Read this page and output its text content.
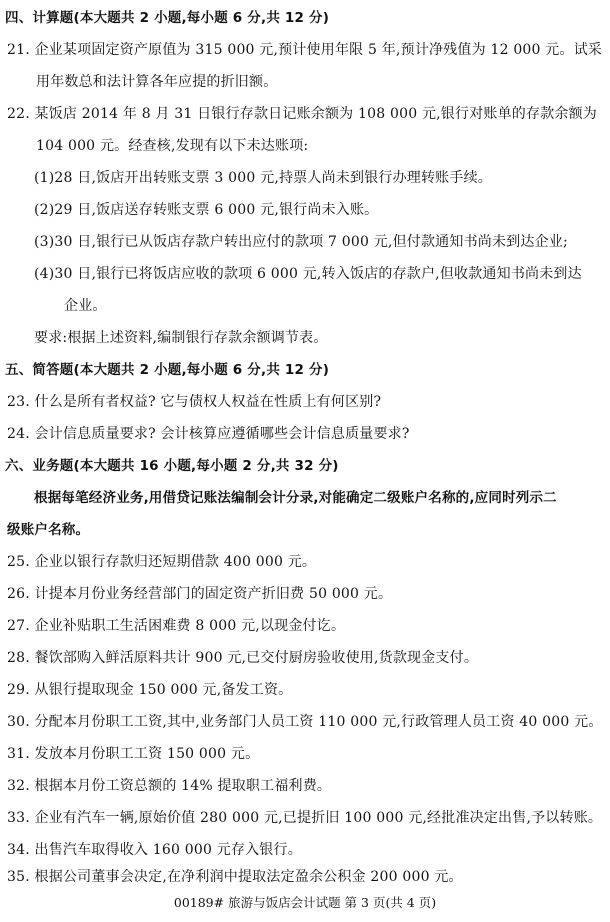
四、计算题(本大题共 2 小题,每小题 6 分,共 12 分)
21. 企业某项固定资产原值为 315 000 元,预计使用年限 5 年,预计净残值为 12 000 元。试采
用年数总和法计算各年应提的折旧额。
22. 某饭店 2014 年 8 月 31 日银行存款日记账余额为 108 000 元,银行对账单的存款余额为
104 000 元。经查核,发现有以下未达账项:
(1)28 日,饭店开出转账支票 3 000 元,持票人尚未到银行办理转账手续。
(2)29 日,饭店送存转账支票 6 000 元,银行尚未入账。
(3)30 日,银行已从饭店存款户转出应付的款项 7 000 元,但付款通知书尚未到达企业;
(4)30 日,银行已将饭店应收的款项 6 000 元,转入饭店的存款户,但收款通知书尚未到达
企业。
要求:根据上述资料,编制银行存款余额调节表。
五、简答题(本大题共 2 小题,每小题 6 分,共 12 分)
23. 什么是所有者权益? 它与债权人权益在性质上有何区别?
24. 会计信息质量要求? 会计核算应遵循哪些会计信息质量要求?
六、业务题(本大题共 16 小题,每小题 2 分,共 32 分)
根据每笔经济业务,用借贷记账法编制会计分录,对能确定二级账户名称的,应同时列示二
级账户名称。
25. 企业以银行存款归还短期借款 400 000 元。
26. 计提本月份业务经营部门的固定资产折旧费 50 000 元。
27. 企业补贴职工生活困难费 8 000 元,以现金付讫。
28. 餐饮部购入鲜活原料共计 900 元,已交付厨房验收使用,货款现金支付。
29. 从银行提取现金 150 000 元,备发工资。
30. 分配本月份职工工资,其中,业务部门人员工资 110 000 元,行政管理人员工资 40 000 元。
31. 发放本月份职工工资 150 000 元。
32. 根据本月份工资总额的 14% 提取职工福利费。
33. 企业有汽车一辆,原始价值 280 000 元,已提折旧 100 000 元,经批准决定出售,予以转账。
34. 出售汽车取得收入 160 000 元存入银行。
35. 根据公司董事会决定,在净利润中提取法定盈余公积金 200 000 元。
00189# 旅游与饭店会计试题 第 3 页(共 4 页)
